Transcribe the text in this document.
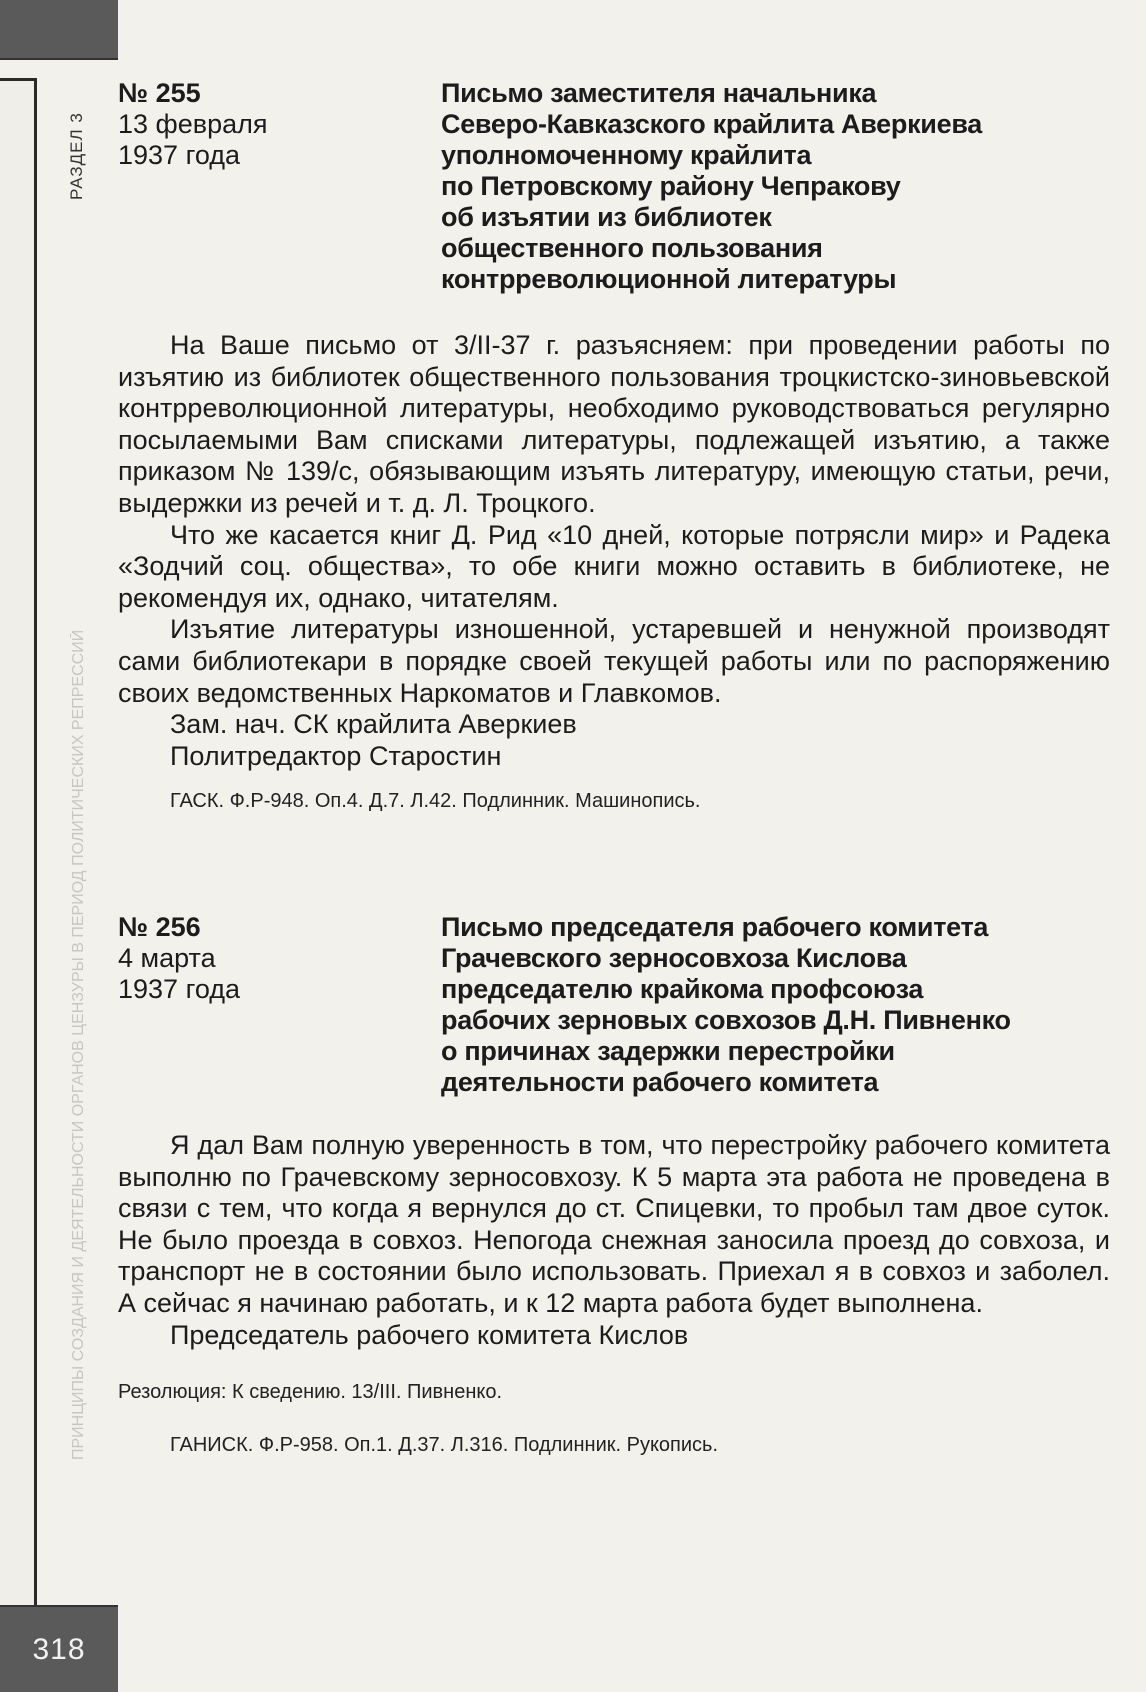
РАЗДЕЛ 3
ПРИНЦИПЫ СОЗДАНИЯ И ДЕЯТЕЛЬНОСТИ ОРГАНОВ ЦЕНЗУРЫ В ПЕРИОД ПОЛИТИЧЕСКИХ РЕПРЕССИЙ
№ 255
13 февраля
1937 года
Письмо заместителя начальника
Северо-Кавказского крайлита Аверкиева
уполномоченному крайлита
по Петровскому району Чепракову
об изъятии из библиотек
общественного пользования
контрреволюционной литературы

На Ваше письмо от 3/II-37 г. разъясняем: при проведении работы по изъятию из библиотек общественного пользования троцкистско-зиновьевской контрреволюционной литературы, необходимо руководствоваться регулярно посылаемыми Вам списками литературы, подлежащей изъятию, а также приказом № 139/с, обязывающим изъять литературу, имеющую статьи, речи, выдержки из речей и т. д. Л. Троцкого.

Что же касается книг Д. Рид «10 дней, которые потрясли мир» и Радека «Зодчий соц. общества», то обе книги можно оставить в библиотеке, не рекомендуя их, однако, читателям.

Изъятие литературы изношенной, устаревшей и ненужной производят сами библиотекари в порядке своей текущей работы или по распоряжению своих ведомственных Наркоматов и Главкомов.

Зам. нач. СК крайлита Аверкиев
Политредактор Старостин
ГАСК. Ф.Р-948. Оп.4. Д.7. Л.42. Подлинник. Машинопись.
№ 256
4 марта
1937 года
Письмо председателя рабочего комитета
Грачевского зерносовхоза Кислова
председателю крайкома профсоюза
рабочих зерновых совхозов Д.Н. Пивненко
о причинах задержки перестройки
деятельности рабочего комитета

Я дал Вам полную уверенность в том, что перестройку рабочего комитета выполню по Грачевскому зерносовхозу. К 5 марта эта работа не проведена в связи с тем, что когда я вернулся до ст. Спицевки, то пробыл там двое суток. Не было проезда в совхоз. Непогода снежная заносила проезд до совхоза, и транспорт не в состоянии было использовать. Приехал я в совхоз и заболел. А сейчас я начинаю работать, и к 12 марта работа будет выполнена.

Председатель рабочего комитета Кислов
Резолюция: К сведению. 13/III. Пивненко.
ГАНИСК. Ф.Р-958. Оп.1. Д.37. Л.316. Подлинник. Рукопись.
318
